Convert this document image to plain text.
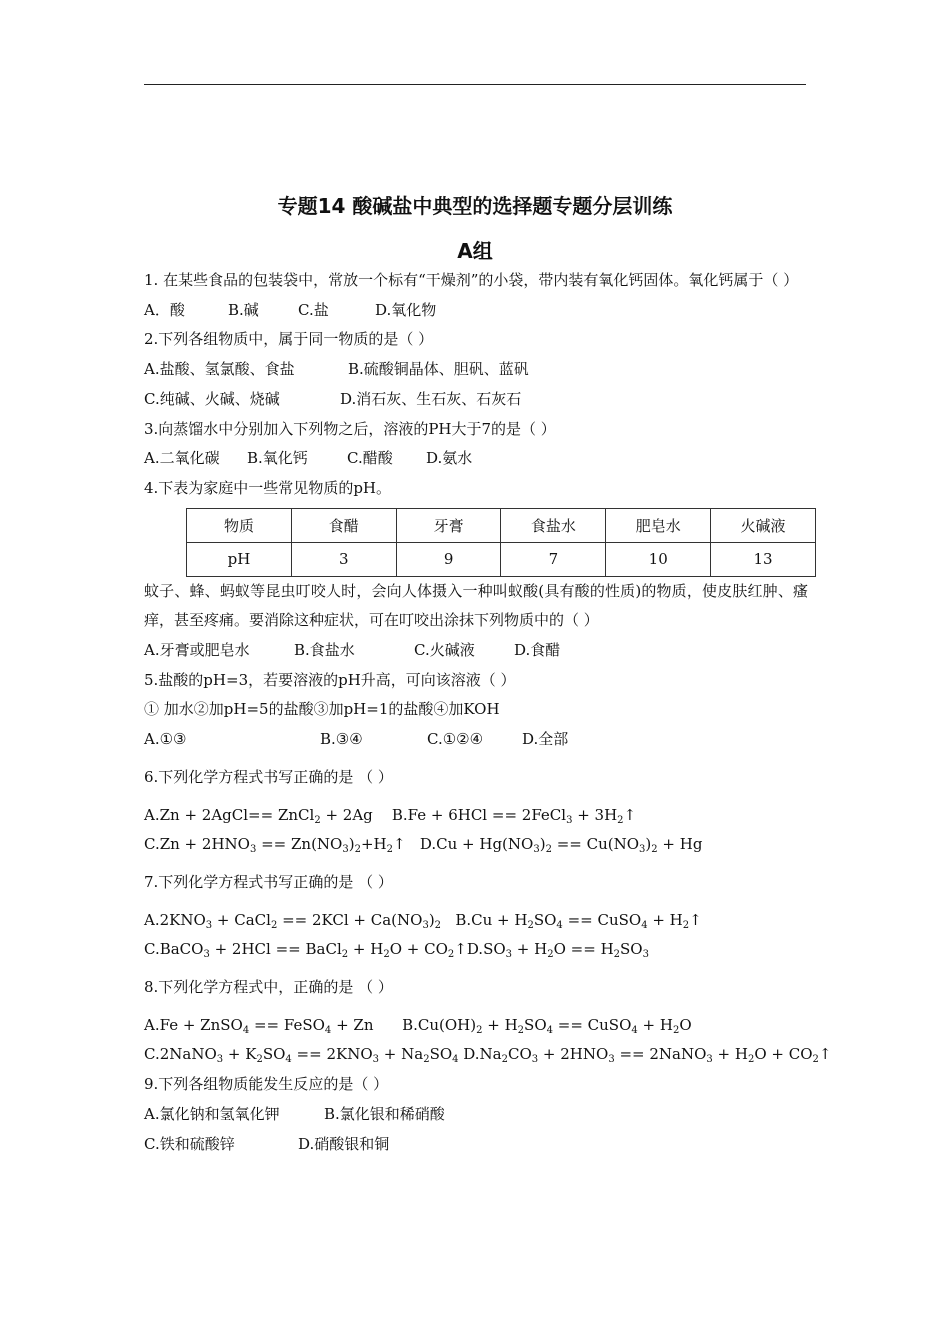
专题14 酸碱盐中典型的选择题专题分层训练
A组
1. 在某些食品的包装袋中，常放一个标有“干燥剂”的小袋，带内装有氧化钙固体。氧化钙属于（ ）
A．酸	B.碱	C.盐	D.氧化物
2.下列各组物质中，属于同一物质的是（ ）
A.盐酸、氢氯酸、食盐	B.硫酸铜晶体、胆矾、蓝矾
C.纯碱、火碱、烧碱	D.消石灰、生石灰、石灰石
3.向蒸馏水中分别加入下列物之后，溶液的PH大于7的是（ ）
A.二氧化碳 B.氧化钙	C.醋酸 D.氨水
4.下表为家庭中一些常见物质的pH。
物质	食醋	牙膏	食盐水	肥皂水	火碱液
pH	3	9	7	10	13
蚊子、蜂、蚂蚁等昆虫叮咬人时，会向人体摄入一种叫蚁酸(具有酸的性质)的物质，使皮肤红肿、瘙痒，甚至疼痛。要消除这种症状，可在叮咬出涂抹下列物质中的（ ）
A.牙膏或肥皂水	B.食盐水	C.火碱液	D.食醋
5.盐酸的pH=3，若要溶液的pH升高，可向该溶液（ ）
① 加水②加pH=5的盐酸③加pH=1的盐酸④加KOH
A.①③	B.③④	C.①②④	D.全部
6.下列化学方程式书写正确的是 （ ）
A.Zn + 2AgCl== ZnCl$_2$ + 2Ag    B.Fe + 6HCl == 2FeCl$_3$ + $3H_2↑$
$C.Zn + 2HNO_3$ == $Zn(NO_3)_2+H_2↑$   $D.Cu + Hg(NO_3)_2 == Cu(NO_3)_2 + Hg$
7.下列化学方程式书写正确的是 （ ）
$A.2KNO_3$ + CaCl$_2$ == $2KCl + Ca(NO_3)_2$   $B.Cu + H_2SO_4$ == CuSO$_4$ + $H_2↑$
C.BaCO$_3$ + 2HCl == BaCl$_2$ + $H_2O$ + $CO_2↑D.SO_3 + H_2O == H_2SO_3$
8.下列化学方程式中，正确的是 （ ）
A.Fe + ZnSO$_4$ == FeSO$_4$ + Zn      $B.Cu(OH)_2 + H_2SO_4$ == CuSO$_4$ + $H_2O$
C.2NaNO$_3$ + $K_2SO_4 == 2KNO_3 + Na_2SO_4$ $D.Na_2CO_3 + 2HNO_3$ == 2NaNO$_3$ + $H_2O$ + $CO_2↑$
9.下列各组物质能发生反应的是（ ）
A.氯化钠和氢氧化钾	B.氯化银和稀硝酸
C.铁和硫酸锌	D.硝酸银和铜
